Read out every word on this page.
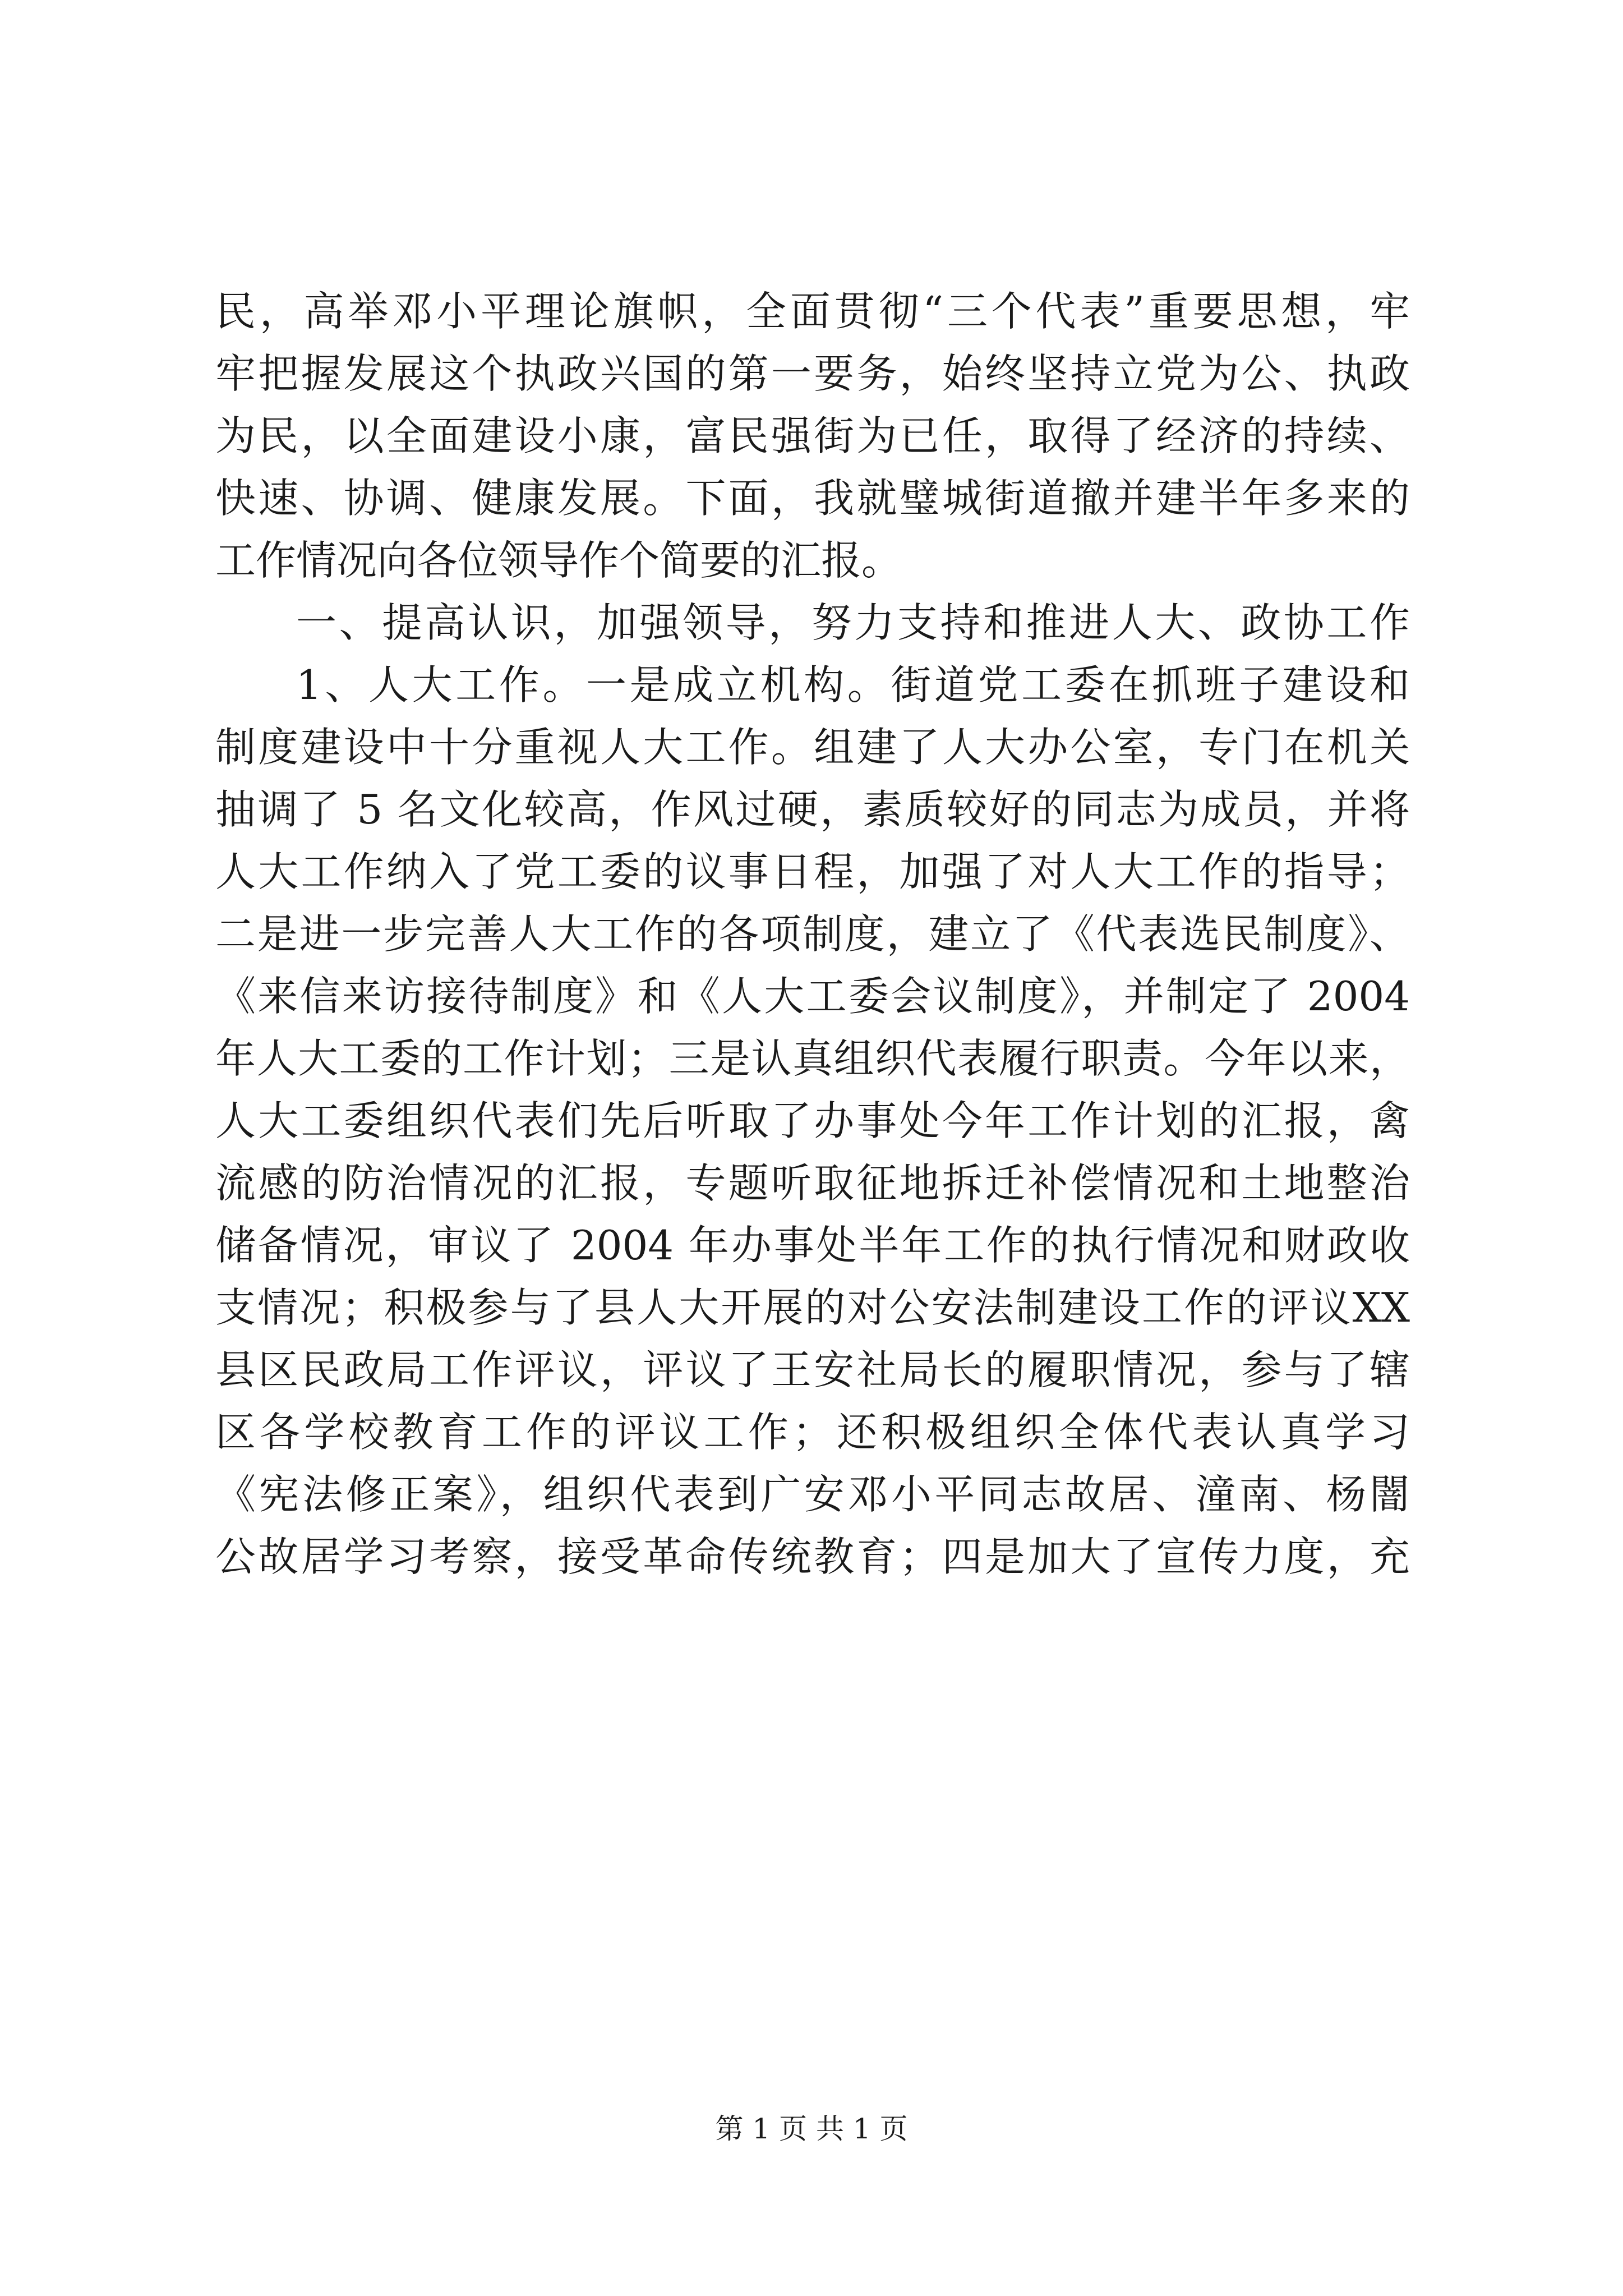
民，高举邓小平理论旗帜，全面贯彻“三个代表”重要思想，牢
牢把握发展这个执政兴国的第一要务，始终坚持立党为公、执政
为民，以全面建设小康，富民强街为已任，取得了经济的持续、
快速、协调、健康发展。下面，我就璧城街道撤并建半年多来的
工作情况向各位领导作个简要的汇报。
一、提高认识，加强领导，努力支持和推进人大、政协工作
1、人大工作。一是成立机构。街道党工委在抓班子建设和
制度建设中十分重视人大工作。组建了人大办公室，专门在机关
抽调了 5 名文化较高，作风过硬，素质较好的同志为成员，并将
人大工作纳入了党工委的议事日程，加强了对人大工作的指导；
二是进一步完善人大工作的各项制度，建立了《代表选民制度》、
《来信来访接待制度》和《人大工委会议制度》，并制定了 2004
年人大工委的工作计划；三是认真组织代表履行职责。今年以来，
人大工委组织代表们先后听取了办事处今年工作计划的汇报，禽
流感的防治情况的汇报，专题听取征地拆迁补偿情况和土地整治
储备情况，审议了 2004 年办事处半年工作的执行情况和财政收
支情况；积极参与了县人大开展的对公安法制建设工作的评议XX
县区民政局工作评议，评议了王安社局长的履职情况，参与了辖
区各学校教育工作的评议工作；还积极组织全体代表认真学习
《宪法修正案》，组织代表到广安邓小平同志故居、潼南、杨闇
公故居学习考察，接受革命传统教育；四是加大了宣传力度，充
第 1 页 共 1 页
